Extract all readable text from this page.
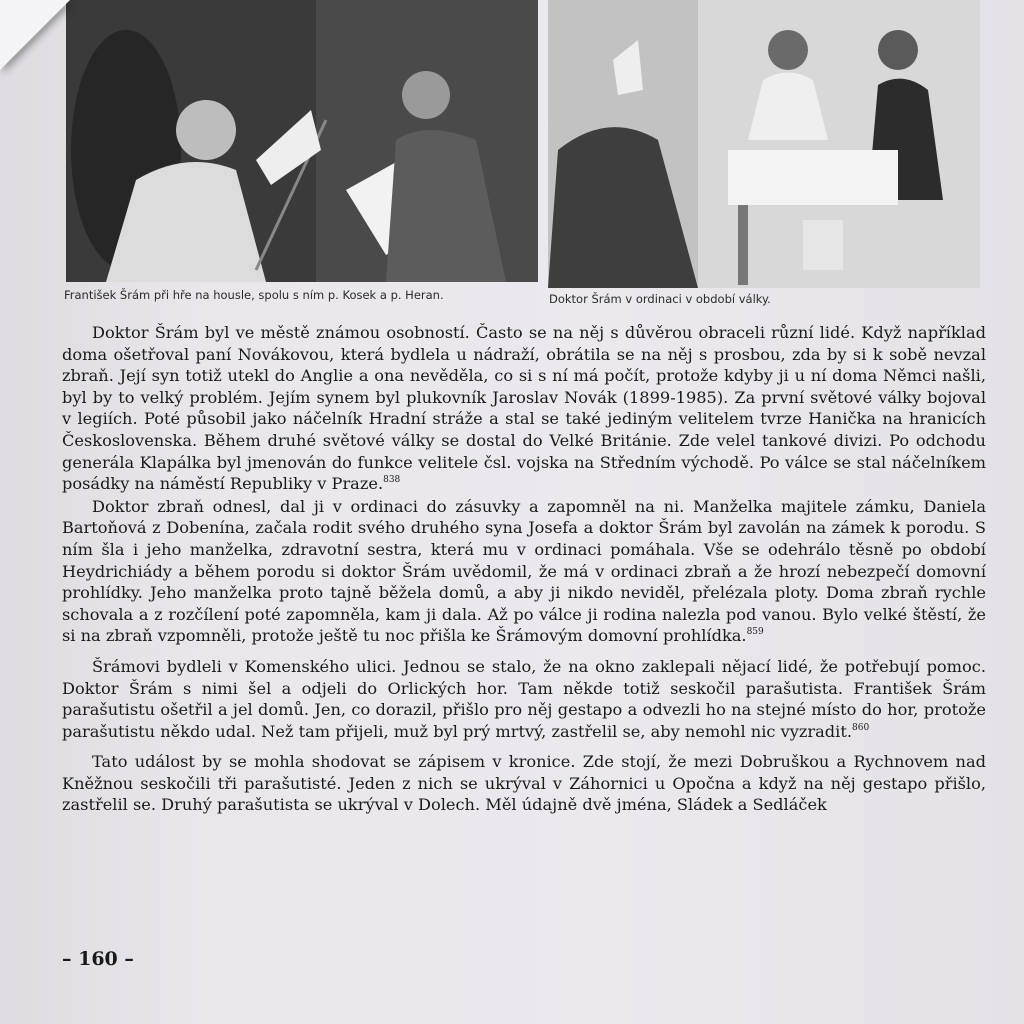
František Šrám při hře na housle, spolu s ním p. Kosek a p. Heran.	Doktor Šrám v ordinaci v období války.

Doktor Šrám byl ve městě známou osobností. Často se na něj s důvěrou obraceli různí lidé. Když například doma ošetřoval paní Novákovou, která bydlela u nádraží, obrátila se na něj s prosbou, zda by si k sobě nevzal zbraň. Její syn totiž utekl do Anglie a ona nevěděla, co si s ní má počít, protože kdyby ji u ní doma Němci našli, byl by to velký problém. Jejím synem byl plukovník Jaroslav Novák (1899-1985). Za první světové války bojoval v legiích. Poté působil jako náčelník Hradní stráže a stal se také jediným velitelem tvrze Hanička na hranicích Československa. Během druhé světové války se dostal do Velké Británie. Zde velel tankové divizi. Po odchodu generála Klapálka byl jmenován do funkce velitele čsl. vojska na Středním východě. Po válce se stal náčelníkem posádky na náměstí Republiky v Praze.$^{838}$

Doktor zbraň odnesl, dal ji v ordinaci do zásuvky a zapomněl na ni. Manželka majitele zámku, Daniela Bartoňová z Dobenína, začala rodit svého druhého syna Josefa a doktor Šrám byl zavolán na zámek k porodu. S ním šla i jeho manželka, zdravotní sestra, která mu v ordinaci pomáhala. Vše se odehrálo těsně po období Heydrichiády a během porodu si doktor Šrám uvědomil, že má v ordinaci zbraň a že hrozí nebezpečí domovní prohlídky. Jeho manželka proto tajně běžela domů, a aby ji nikdo neviděl, přelézala ploty. Doma zbraň rychle schovala a z rozčílení poté zapomněla, kam ji dala. Až po válce ji rodina nalezla pod vanou. Bylo velké štěstí, že si na zbraň vzpomněli, protože ještě tu noc přišla ke Šrámovým domovní prohlídka.$^{859}$

Šrámovi bydleli v Komenského ulici. Jednou se stalo, že na okno zaklepali nějací lidé, že potřebují pomoc. Doktor Šrám s nimi šel a odjeli do Orlických hor. Tam někde totiž seskočil parašutista. František Šrám parašutistu ošetřil a jel domů. Jen, co dorazil, přišlo pro něj gestapo a odvezli ho na stejné místo do hor, protože parašutistu někdo udal. Než tam přijeli, muž byl prý mrtvý, zastřelil se, aby nemohl nic vyzradit.$^{860}$

Tato událost by se mohla shodovat se zápisem v kronice. Zde stojí, že mezi Dobruškou a Rychnovem nad Kněžnou seskočili tři parašutisté. Jeden z nich se ukrýval v Záhornici u Opočna a když na něj gestapo přišlo, zastřelil se. Druhý parašutista se ukrýval v Dolech. Měl údajně dvě jména, Sládek a Sedláček

– 160 –
